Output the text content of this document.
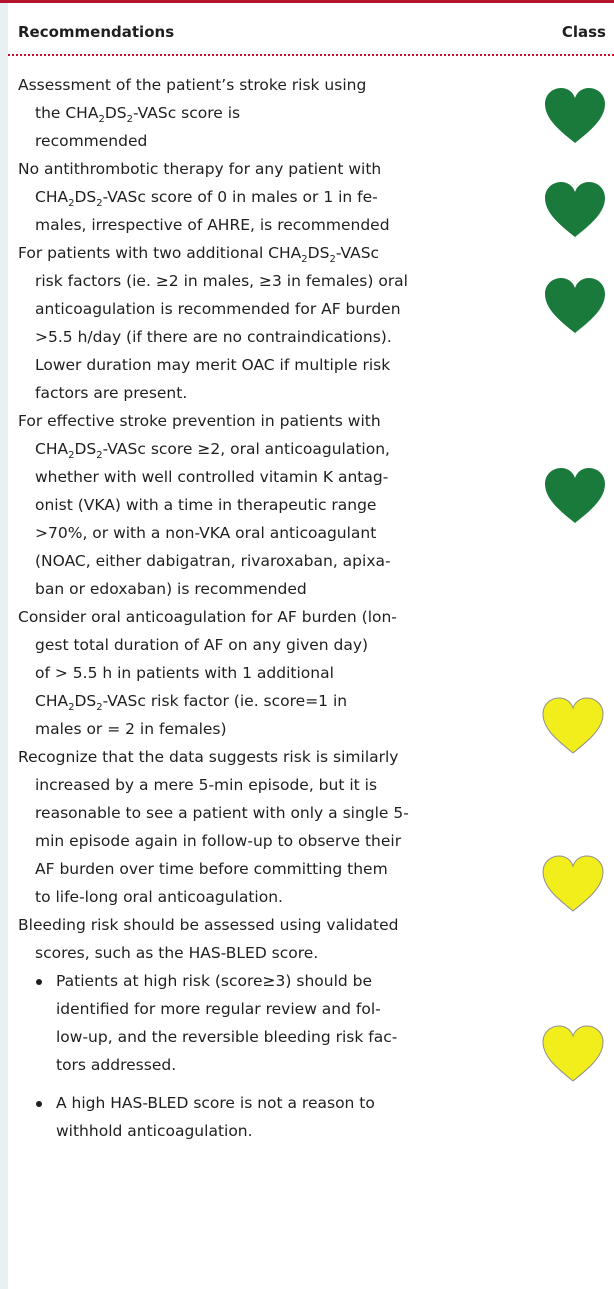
Recommendations	Class
Assessment of the patient’s stroke risk using
the $CHA_2DS_2$-VASc score is
recommended
No antithrombotic therapy for any patient with
$CHA_2DS_2$-VASc score of 0 in males or 1 in fe-
males, irrespective of AHRE, is recommended
For patients with two additional $CHA_2DS_2$-VASc
risk factors (ie. ≥2 in males, ≥3 in females) oral
anticoagulation is recommended for AF burden
>5.5 h/day (if there are no contraindications).
Lower duration may merit OAC if multiple risk
factors are present.
For effective stroke prevention in patients with
$CHA_2DS_2$-VASc score ≥2, oral anticoagulation,
whether with well controlled vitamin K antag-
onist (VKA) with a time in therapeutic range
>70%, or with a non-VKA oral anticoagulant
(NOAC, either dabigatran, rivaroxaban, apixa-
ban or edoxaban) is recommended
Consider oral anticoagulation for AF burden (lon-
gest total duration of AF on any given day)
of > 5.5 h in patients with 1 additional
$CHA_2DS_2$-VASc risk factor (ie. score=1 in
males or = 2 in females)
Recognize that the data suggests risk is similarly
increased by a mere 5-min episode, but it is
reasonable to see a patient with only a single 5-
min episode again in follow-up to observe their
AF burden over time before committing them
to life-long oral anticoagulation.
Bleeding risk should be assessed using validated
scores, such as the HAS-BLED score.
Patients at high risk (score≥3) should be
identified for more regular review and fol-
low-up, and the reversible bleeding risk fac-
tors addressed.
A high HAS-BLED score is not a reason to
withhold anticoagulation.
